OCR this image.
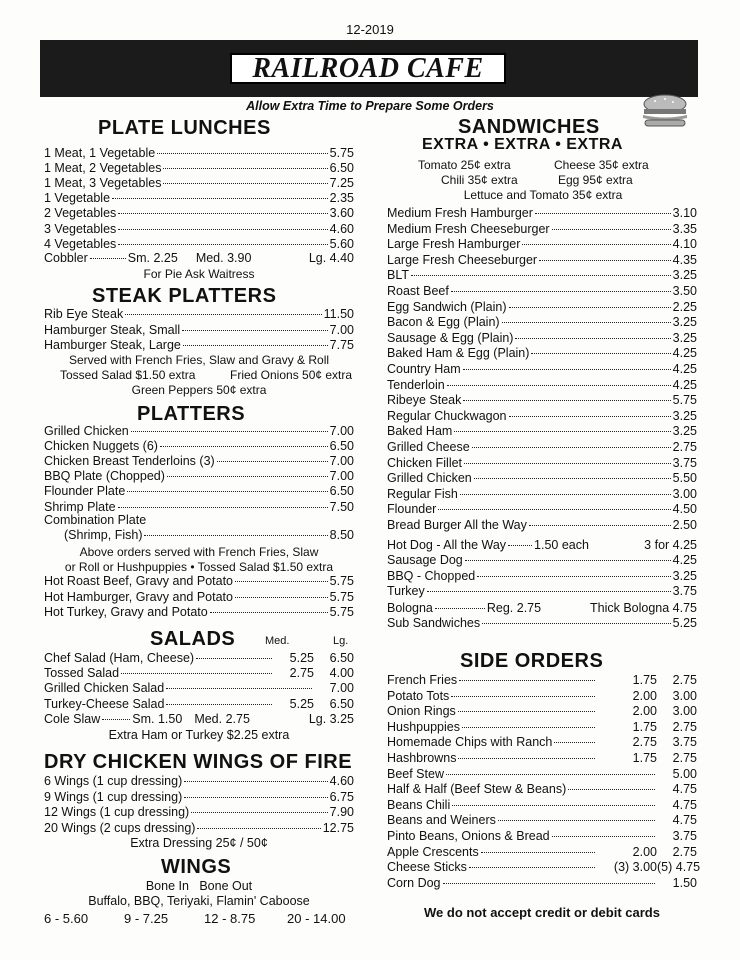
12-2019
RAILROAD CAFE
Allow Extra Time to Prepare Some Orders
PLATE LUNCHES
1 Meat, 1 Vegetable	5.75
1 Meat, 2 Vegetables	6.50
1 Meat, 3 Vegetables	7.25
1 Vegetable	2.35
2 Vegetables	3.60
3 Vegetables	4.60
4 Vegetables	5.60
Cobbler	Sm. 2.25 Med. 3.90	Lg. 4.40
For Pie Ask Waitress
STEAK PLATTERS
Rib Eye Steak	11.50
Hamburger Steak, Small	7.00
Hamburger Steak, Large	7.75
Served with French Fries, Slaw and Gravy & Roll
Tossed Salad $1.50 extra	Fried Onions 50¢ extra
Green Peppers 50¢ extra
PLATTERS
Grilled Chicken	7.00
Chicken Nuggets (6)	6.50
Chicken Breast Tenderloins (3)	7.00
BBQ Plate (Chopped)	7.00
Flounder Plate	6.50
Shrimp Plate	7.50
Combination Plate
(Shrimp, Fish)	8.50
Above orders served with French Fries, Slaw
or Roll or Hushpuppies • Tossed Salad $1.50 extra
Hot Roast Beef, Gravy and Potato	5.75
Hot Hamburger, Gravy and Potato	5.75
Hot Turkey, Gravy and Potato	5.75
SALADS	Med.	Lg.
Chef Salad (Ham, Cheese)	5.25	6.50
Tossed Salad	2.75	4.00
Grilled Chicken Salad	7.00
Turkey-Cheese Salad	5.25	6.50
Cole Slaw	Sm. 1.50 Med. 2.75	Lg. 3.25
Extra Ham or Turkey $2.25 extra
DRY CHICKEN WINGS OF FIRE
6 Wings (1 cup dressing)	4.60
9 Wings (1 cup dressing)	6.75
12 Wings (1 cup dressing)	7.90
20 Wings (2 cups dressing)	12.75
Extra Dressing 25¢ / 50¢
WINGS
Bone In   Bone Out
Buffalo, BBQ, Teriyaki, Flamin' Caboose
6 - 5.60	9 - 7.25	12 - 8.75 20 - 14.00
SANDWICHES
EXTRA • EXTRA • EXTRA
Tomato 25¢ extra	Cheese 35¢ extra
Chili 35¢ extra	Egg 95¢ extra
Lettuce and Tomato 35¢ extra
Medium Fresh Hamburger	3.10
Medium Fresh Cheeseburger	3.35
Large Fresh Hamburger	4.10
Large Fresh Cheeseburger	4.35
BLT	3.25
Roast Beef	3.50
Egg Sandwich (Plain)	2.25
Bacon & Egg (Plain)	3.25
Sausage & Egg (Plain)	3.25
Baked Ham & Egg (Plain)	4.25
Country Ham	4.25
Tenderloin	4.25
Ribeye Steak	5.75
Regular Chuckwagon	3.25
Baked Ham	3.25
Grilled Cheese	2.75
Chicken Fillet	3.75
Grilled Chicken	5.50
Regular Fish	3.00
Flounder	4.50
Bread Burger All the Way	2.50
Hot Dog - All the Way 1.50 each	3 for 4.25
Sausage Dog	4.25
BBQ - Chopped	3.25
Turkey	3.75
Bologna	Reg. 2.75	Thick Bologna 4.75
Sub Sandwiches	5.25
SIDE ORDERS
French Fries	1.75	2.75
Potato Tots	2.00	3.00
Onion Rings	2.00	3.00
Hushpuppies	1.75	2.75
Homemade Chips with Ranch	2.75	3.75
Hashbrowns	1.75	2.75
Beef Stew	5.00
Half & Half (Beef Stew & Beans)	4.75
Beans Chili	4.75
Beans and Weiners	4.75
Pinto Beans, Onions & Bread	3.75
Apple Crescents	2.00	2.75
Cheese Sticks	(3) 3.00 (5) 4.75
Corn Dog	1.50
We do not accept credit or debit cards
